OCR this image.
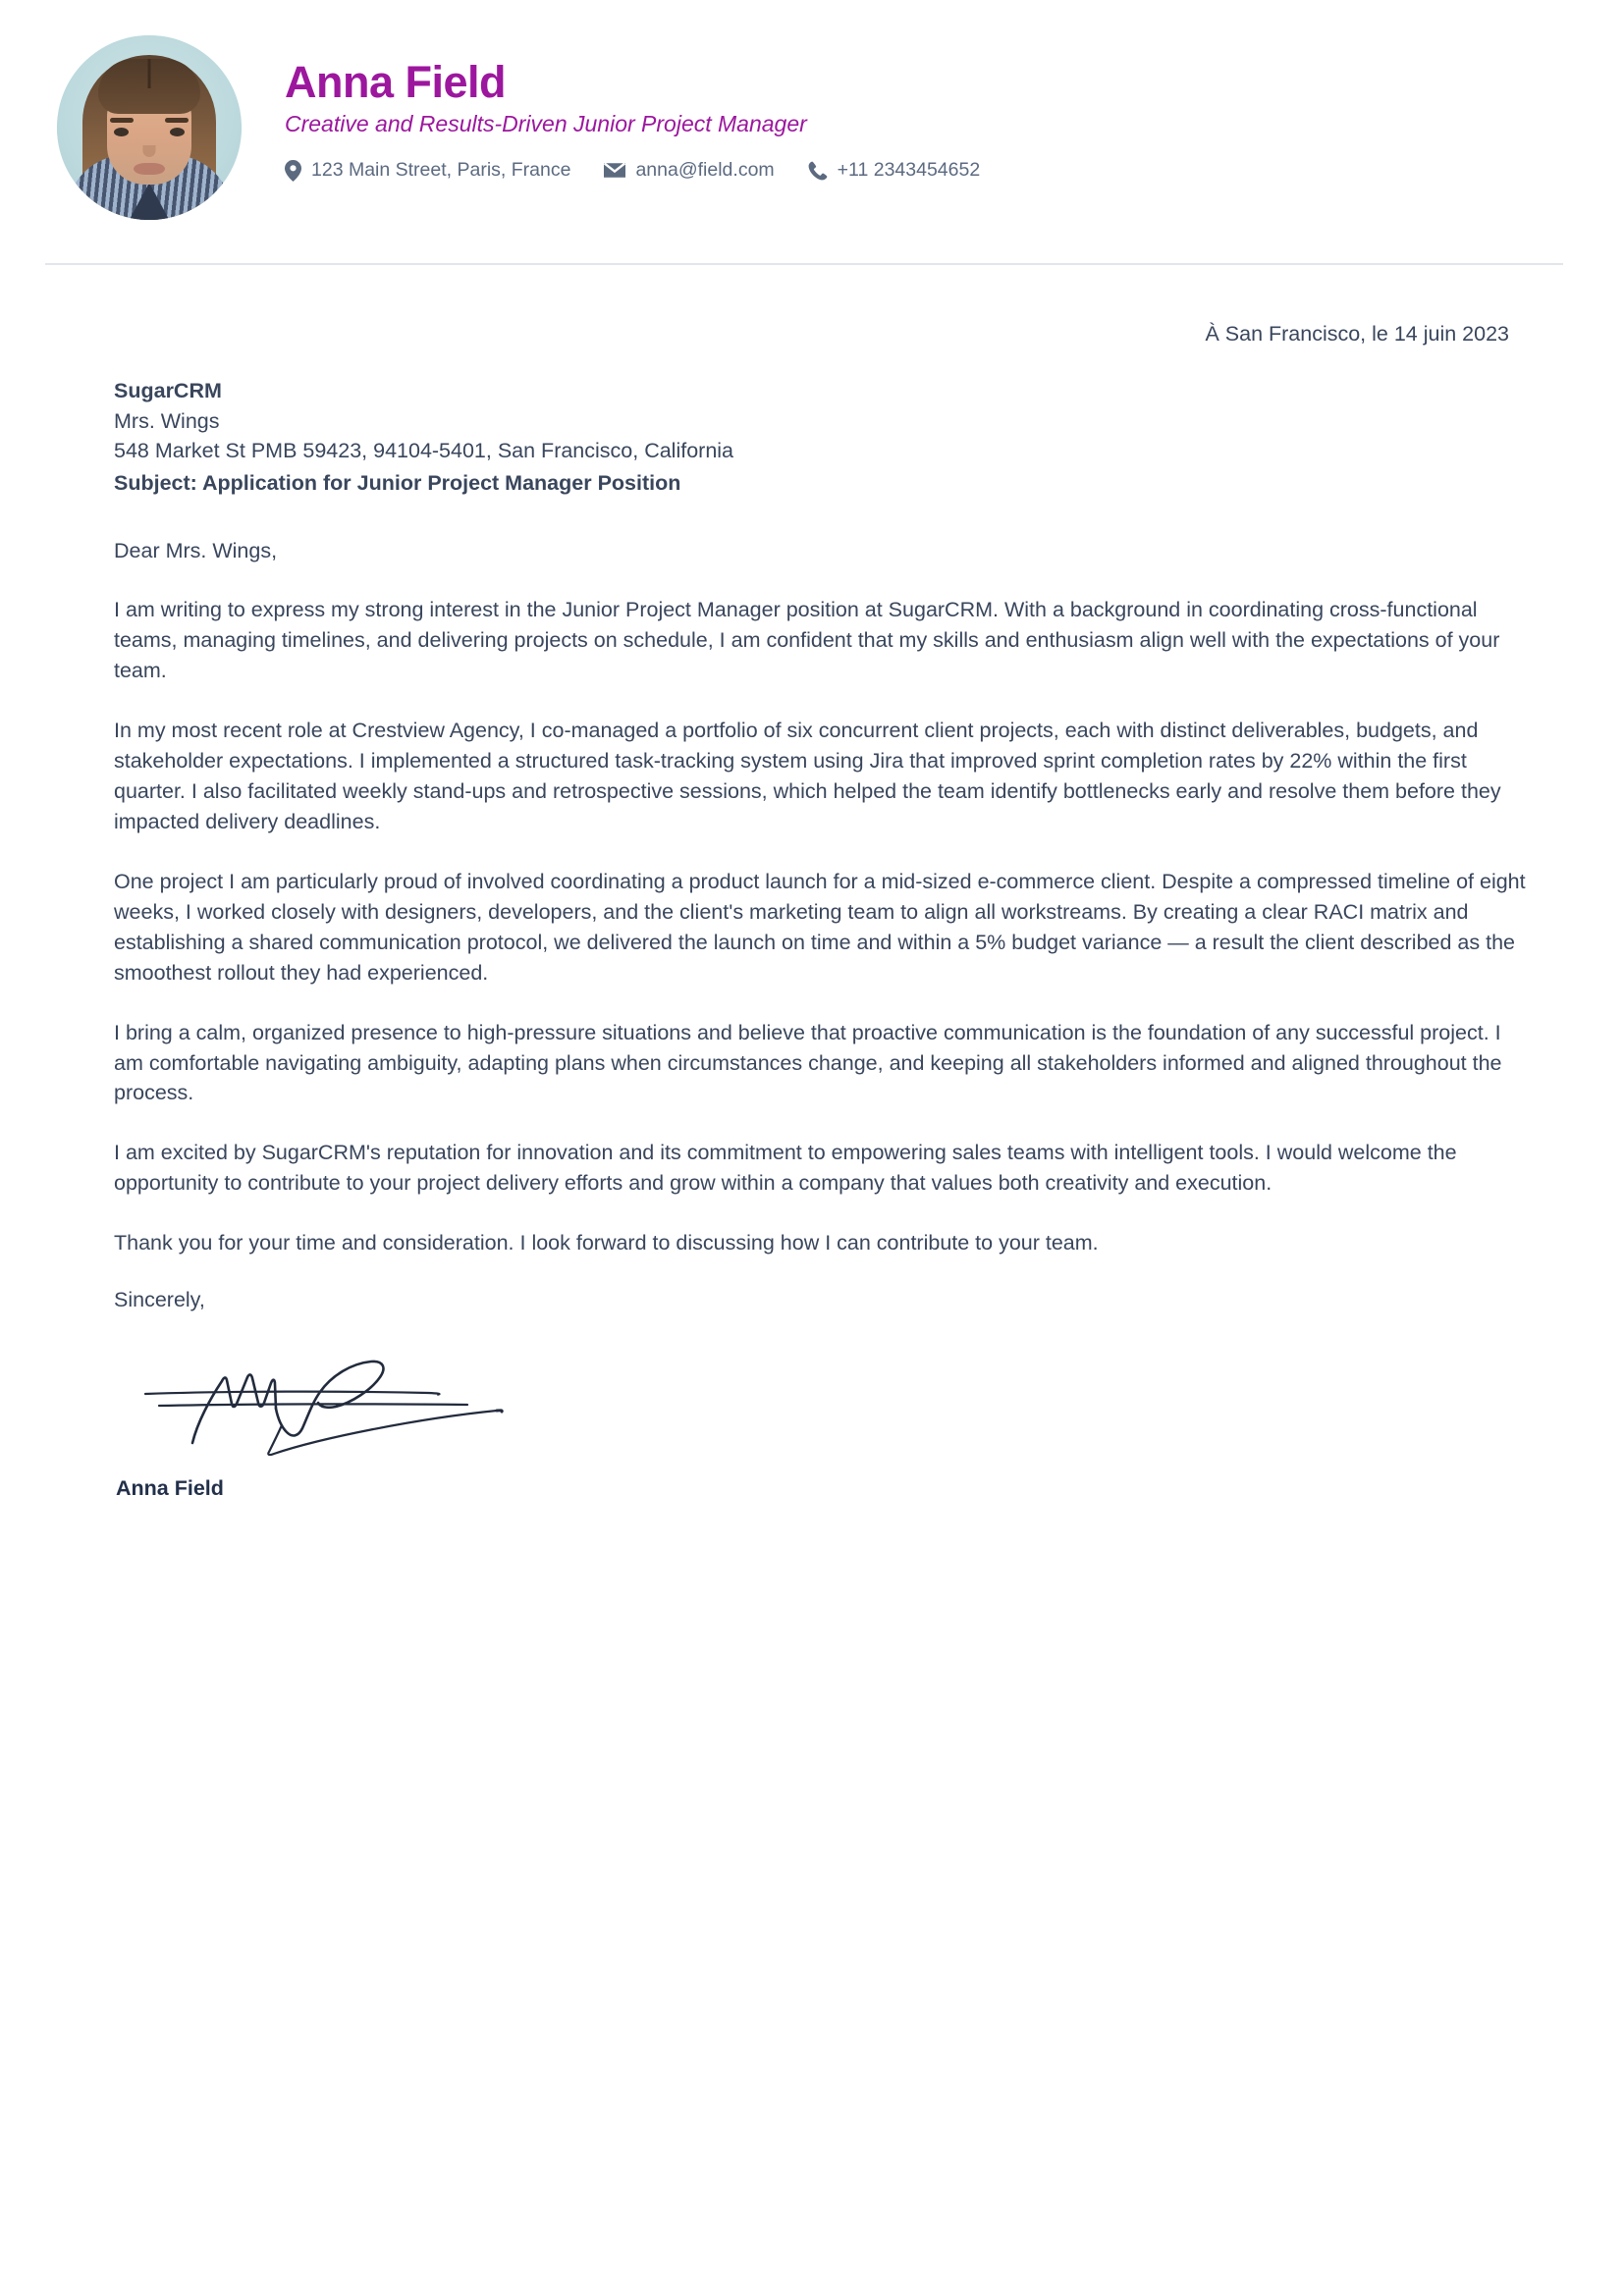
Anna Field
Creative and Results-Driven Junior Project Manager
123 Main Street, Paris, France	anna@field.com	+11 2343454652
À San Francisco, le 14 juin 2023
SugarCRM
Mrs. Wings
548 Market St PMB 59423, 94104-5401, San Francisco, California
Subject: Application for Junior Project Manager Position
Dear Mrs. Wings,

I am writing to express my strong interest in the Junior Project Manager position at SugarCRM. With a background in coordinating cross-functional teams, managing timelines, and delivering projects on schedule, I am confident that my skills and enthusiasm align well with the expectations of your team.

In my most recent role at Crestview Agency, I co-managed a portfolio of six concurrent client projects, each with distinct deliverables, budgets, and stakeholder expectations. I implemented a structured task-tracking system using Jira that improved sprint completion rates by 22% within the first quarter. I also facilitated weekly stand-ups and retrospective sessions, which helped the team identify bottlenecks early and resolve them before they impacted delivery deadlines.

One project I am particularly proud of involved coordinating a product launch for a mid-sized e-commerce client. Despite a compressed timeline of eight weeks, I worked closely with designers, developers, and the client's marketing team to align all workstreams. By creating a clear RACI matrix and establishing a shared communication protocol, we delivered the launch on time and within a 5% budget variance — a result the client described as the smoothest rollout they had experienced.

I bring a calm, organized presence to high-pressure situations and believe that proactive communication is the foundation of any successful project. I am comfortable navigating ambiguity, adapting plans when circumstances change, and keeping all stakeholders informed and aligned throughout the process.

I am excited by SugarCRM's reputation for innovation and its commitment to empowering sales teams with intelligent tools. I would welcome the opportunity to contribute to your project delivery efforts and grow within a company that values both creativity and execution.

Thank you for your time and consideration. I look forward to discussing how I can contribute to your team.

Sincerely,
Anna Field
